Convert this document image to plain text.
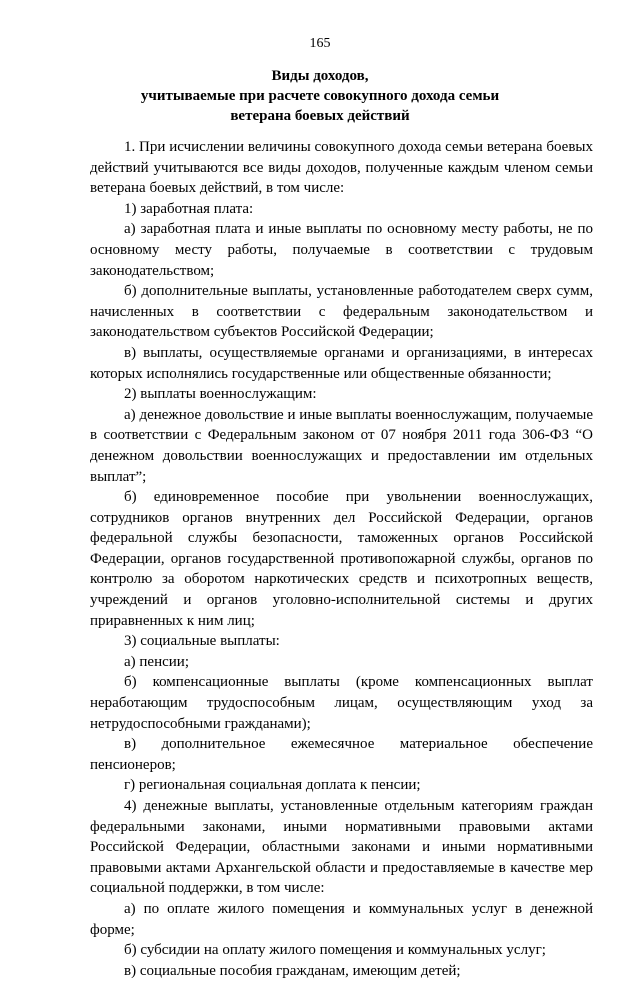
165
Виды доходов,
учитываемые при расчете совокупного дохода семьи
ветерана боевых действий

1. При исчислении величины совокупного дохода семьи ветерана боевых действий учитываются все виды доходов, полученные каждым членом семьи ветерана боевых действий, в том числе:

1) заработная плата:

а) заработная плата и иные выплаты по основному месту работы, не по основному месту работы, получаемые в соответствии с трудовым законодательством;

б) дополнительные выплаты, установленные работодателем сверх сумм, начисленных в соответствии с федеральным законодательством и законодательством субъектов Российской Федерации;

в) выплаты, осуществляемые органами и организациями, в интересах которых исполнялись государственные или общественные обязанности;

2) выплаты военнослужащим:

а) денежное довольствие и иные выплаты военнослужащим, получаемые в соответствии с Федеральным законом от 07 ноября 2011 года 306-ФЗ “О денежном довольствии военнослужащих и предоставлении им отдельных выплат”;

б) единовременное пособие при увольнении военнослужащих, сотрудников органов внутренних дел Российской Федерации, органов федеральной службы безопасности, таможенных органов Российской Федерации, органов государственной противопожарной службы, органов по контролю за оборотом наркотических средств и психотропных веществ, учреждений и органов уголовно-исполнительной системы и других приравненных к ним лиц;

3) социальные выплаты:

а) пенсии;

б) компенсационные выплаты (кроме компенсационных выплат неработающим трудоспособным лицам, осуществляющим уход за нетрудоспособными гражданами);

в) дополнительное ежемесячное материальное обеспечение пенсионеров;

г) региональная социальная доплата к пенсии;

4) денежные выплаты, установленные отдельным категориям граждан федеральными законами, иными нормативными правовыми актами Российской Федерации, областными законами и иными нормативными правовыми актами Архангельской области и предоставляемые в качестве мер социальной поддержки, в том числе:

а) по оплате жилого помещения и коммунальных услуг в денежной форме;

б) субсидии на оплату жилого помещения и коммунальных услуг;

в) социальные пособия гражданам, имеющим детей;
